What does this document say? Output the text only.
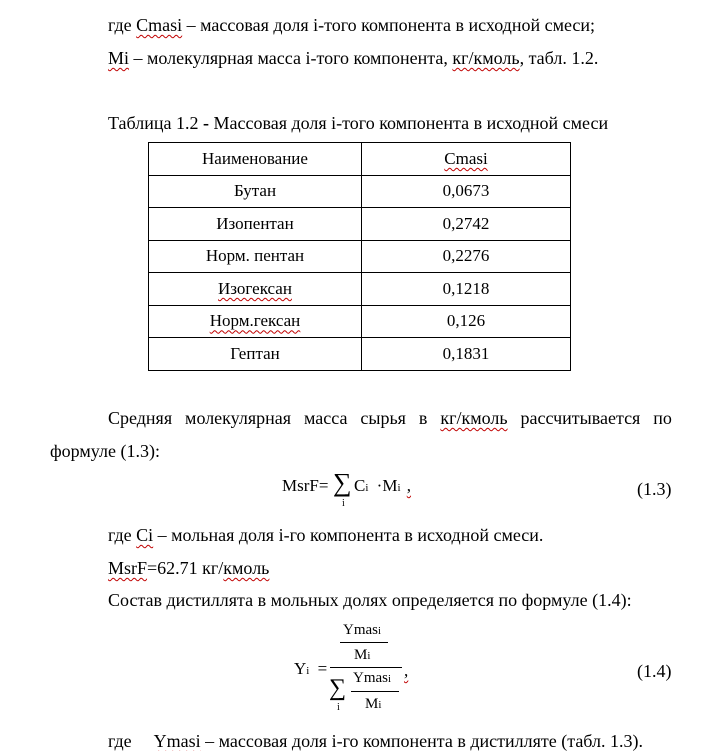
где Cmasi – массовая доля i-того компонента в исходной смеси;
Mi – молекулярная масса i-того компонента, кг/кмоль, табл. 1.2.
Таблица 1.2 - Массовая доля i-того компонента в исходной смеси
Наименование	Cmasi
Бутан	0,0673
Изопентан	0,2742
Норм. пентан	0,2276
Изогексан	0,1218
Норм.гексан	0,126
Гептан	0,1831
Средняя молекулярная масса сырья в кг/кмоль рассчитывается по
формуле (1.3):
MsrF= ∑
i
Ci ·Mi ,	(1.3)
где Ci – мольная доля i-го компонента в исходной смеси.
MsrF=62.71 кг/кмоль
Состав дистиллята в мольных долях определяется по формуле (1.4):
Yi =
Ymasi
Mi
∑
i
Ymasi
Mi
,	(1.4)
где Ymasi – массовая доля i-го компонента в дистилляте (табл. 1.3).
